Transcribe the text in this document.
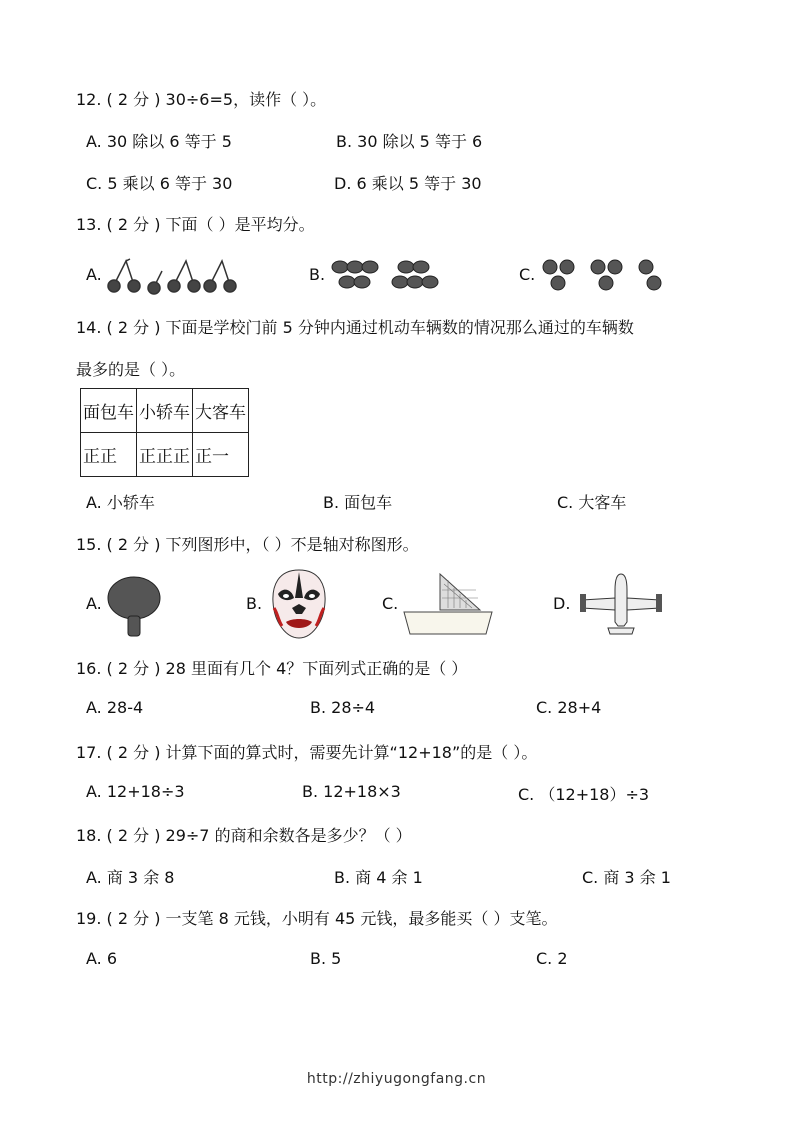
12. ( 2 分 ) 30÷6=5，读作（ ）。
A. 30 除以 6 等于 5	B. 30 除以 5 等于 6
C. 5 乘以 6 等于 30	D. 6 乘以 5 等于 30
13. ( 2 分 ) 下面（ ）是平均分。
A.	B.	C.
14. ( 2 分 ) 下面是学校门前 5 分钟内通过机动车辆数的情况那么通过的车辆数
最多的是（ ）。
面包车	小轿车	大客车
正正	正正正	正一
A. 小轿车	B. 面包车	C. 大客车
15. ( 2 分 ) 下列图形中，（ ）不是轴对称图形。
A.	B.	C.	D.
16. ( 2 分 ) 28 里面有几个 4？下面列式正确的是（ ）
A. 28-4	B. 28÷4	C. 28+4
17. ( 2 分 ) 计算下面的算式时，需要先计算“12+18”的是（ ）。
A. 12+18÷3	B. 12+18×3	C. （12+18）÷3
18. ( 2 分 ) 29÷7 的商和余数各是多少？（ ）
A. 商 3 余 8	B. 商 4 余 1	C. 商 3 余 1
19. ( 2 分 ) 一支笔 8 元钱，小明有 45 元钱，最多能买（ ）支笔。
A. 6	B. 5	C. 2
http://zhiyugongfang.cn
